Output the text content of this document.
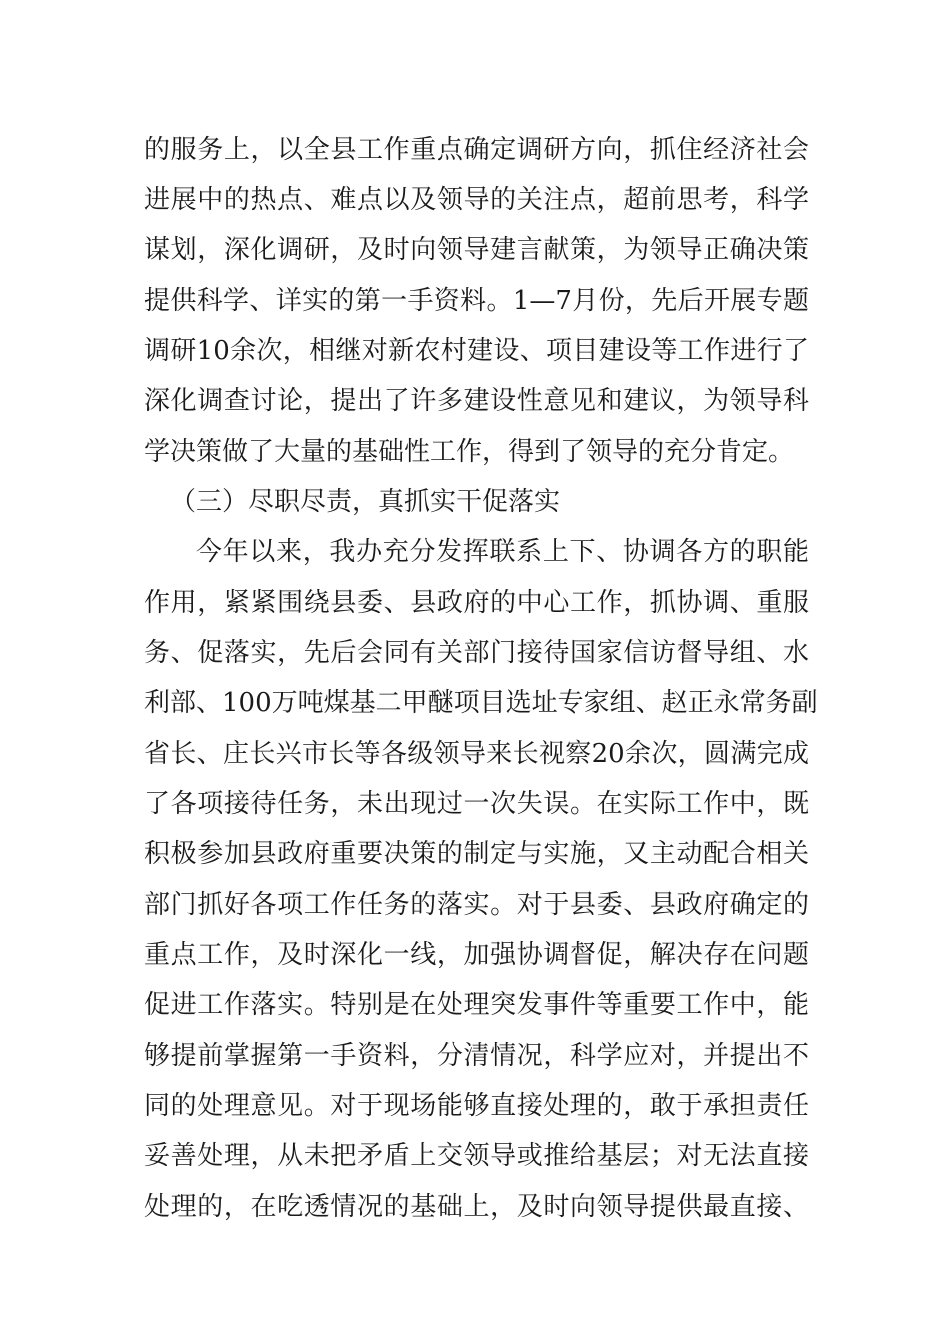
的服务上，以全县工作重点确定调研方向，抓住经济社会
进展中的热点、难点以及领导的关注点，超前思考，科学
谋划，深化调研，及时向领导建言献策，为领导正确决策
提供科学、详实的第一手资料。1—7月份，先后开展专题
调研10余次，相继对新农村建设、项目建设等工作进行了
深化调查讨论，提出了许多建设性意见和建议，为领导科
学决策做了大量的基础性工作，得到了领导的充分肯定。
（三）尽职尽责，真抓实干促落实
今年以来，我办充分发挥联系上下、协调各方的职能
作用，紧紧围绕县委、县政府的中心工作，抓协调、重服
务、促落实，先后会同有关部门接待国家信访督导组、水
利部、100万吨煤基二甲醚项目选址专家组、赵正永常务副
省长、庄长兴市长等各级领导来长视察20余次，圆满完成
了各项接待任务，未出现过一次失误。在实际工作中，既
积极参加县政府重要决策的制定与实施，又主动配合相关
部门抓好各项工作任务的落实。对于县委、县政府确定的
重点工作，及时深化一线，加强协调督促，解决存在问题
促进工作落实。特别是在处理突发事件等重要工作中，能
够提前掌握第一手资料，分清情况，科学应对，并提出不
同的处理意见。对于现场能够直接处理的，敢于承担责任
妥善处理，从未把矛盾上交领导或推给基层；对无法直接
处理的，在吃透情况的基础上，及时向领导提供最直接、
